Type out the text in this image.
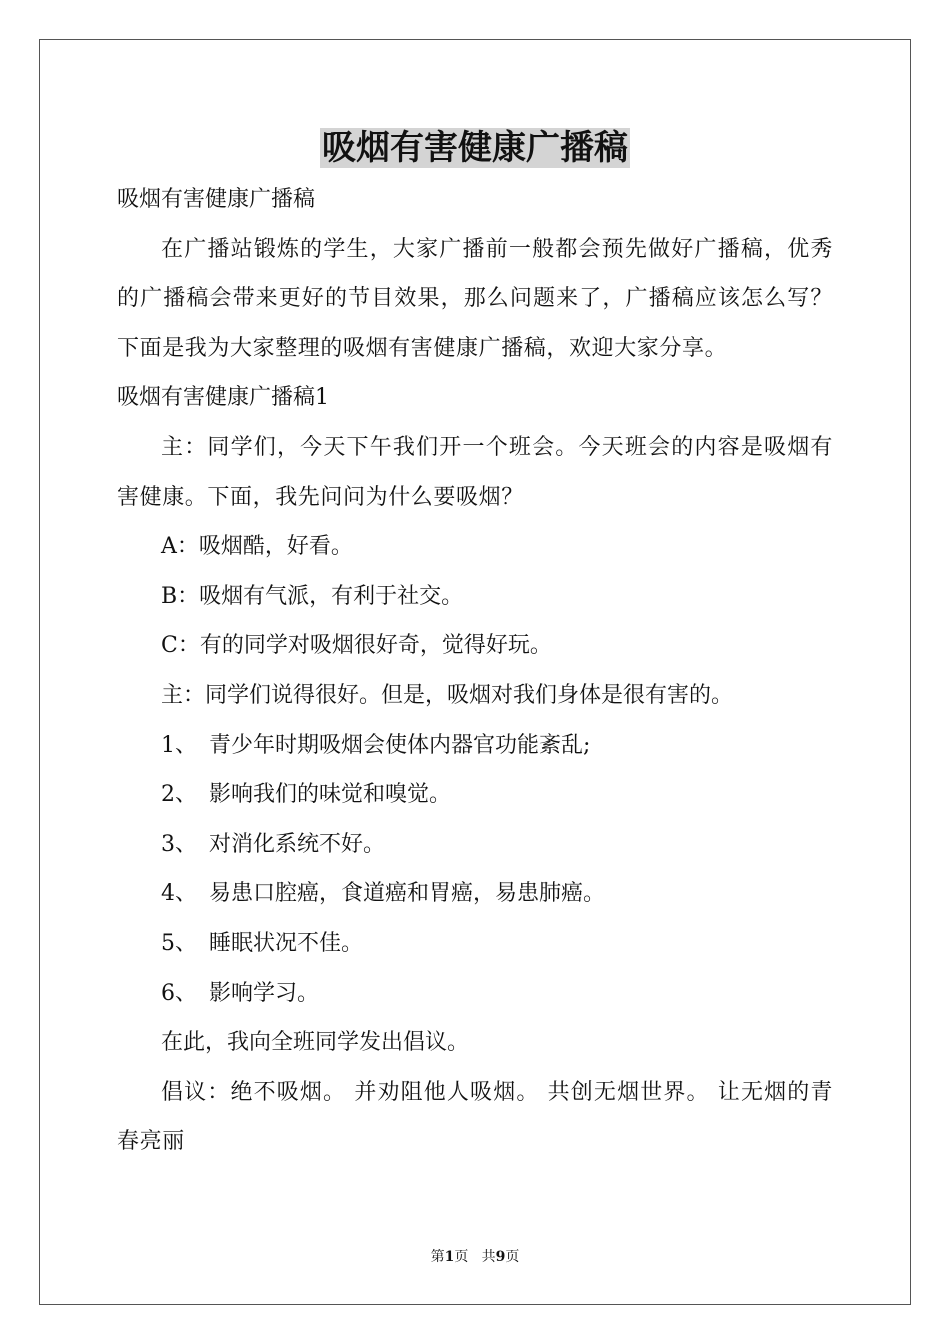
吸烟有害健康广播稿

吸烟有害健康广播稿

在广播站锻炼的学生，大家广播前一般都会预先做好广播稿，优秀的广播稿会带来更好的节目效果，那么问题来了，广播稿应该怎么写？下面是我为大家整理的吸烟有害健康广播稿，欢迎大家分享。

吸烟有害健康广播稿1

主：同学们，今天下午我们开一个班会。今天班会的内容是吸烟有害健康。下面，我先问问为什么要吸烟？

A：吸烟酷，好看。

B：吸烟有气派，有利于社交。

C：有的同学对吸烟很好奇，觉得好玩。

主：同学们说得很好。但是，吸烟对我们身体是很有害的。

1、 青少年时期吸烟会使体内器官功能紊乱;

2、 影响我们的味觉和嗅觉。

3、 对消化系统不好。

4、 易患口腔癌，食道癌和胃癌，易患肺癌。

5、 睡眠状况不佳。

6、 影响学习。

在此，我向全班同学发出倡议。

倡议：绝不吸烟。 并劝阻他人吸烟。 共创无烟世界。 让无烟的青春亮丽

第1页 共9页
